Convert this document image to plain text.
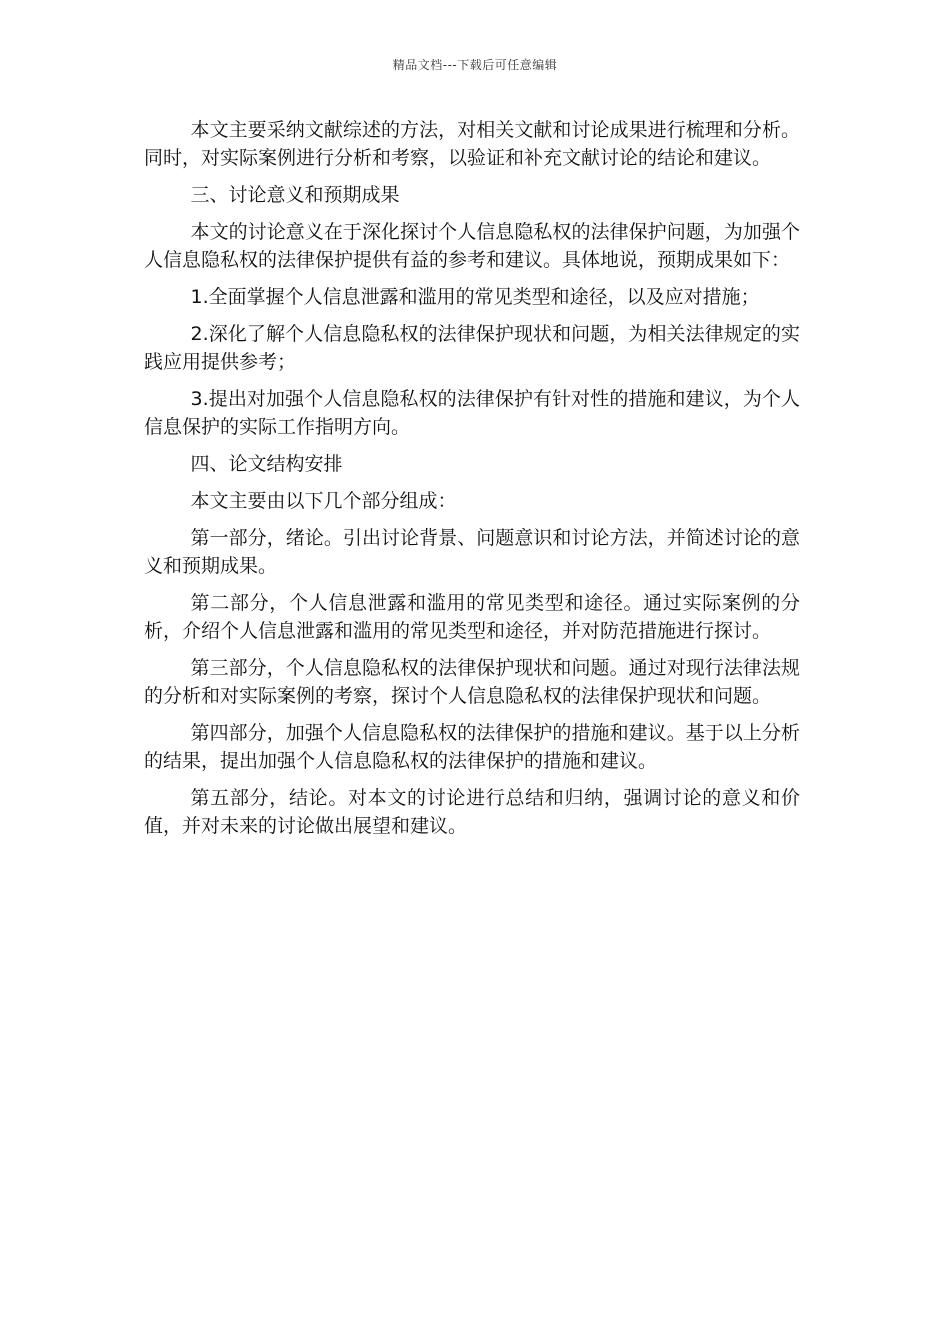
精品文档---下载后可任意编辑

本文主要采纳文献综述的方法，对相关文献和讨论成果进行梳理和分析。同时，对实际案例进行分析和考察，以验证和补充文献讨论的结论和建议。

三、讨论意义和预期成果

本文的讨论意义在于深化探讨个人信息隐私权的法律保护问题，为加强个人信息隐私权的法律保护提供有益的参考和建议。具体地说，预期成果如下：

1.全面掌握个人信息泄露和滥用的常见类型和途径，以及应对措施；

2.深化了解个人信息隐私权的法律保护现状和问题，为相关法律规定的实践应用提供参考；

3.提出对加强个人信息隐私权的法律保护有针对性的措施和建议，为个人信息保护的实际工作指明方向。

四、论文结构安排

本文主要由以下几个部分组成：

第一部分，绪论。引出讨论背景、问题意识和讨论方法，并简述讨论的意义和预期成果。

第二部分，个人信息泄露和滥用的常见类型和途径。通过实际案例的分析，介绍个人信息泄露和滥用的常见类型和途径，并对防范措施进行探讨。

第三部分，个人信息隐私权的法律保护现状和问题。通过对现行法律法规的分析和对实际案例的考察，探讨个人信息隐私权的法律保护现状和问题。

第四部分，加强个人信息隐私权的法律保护的措施和建议。基于以上分析的结果，提出加强个人信息隐私权的法律保护的措施和建议。

第五部分，结论。对本文的讨论进行总结和归纳，强调讨论的意义和价值，并对未来的讨论做出展望和建议。
